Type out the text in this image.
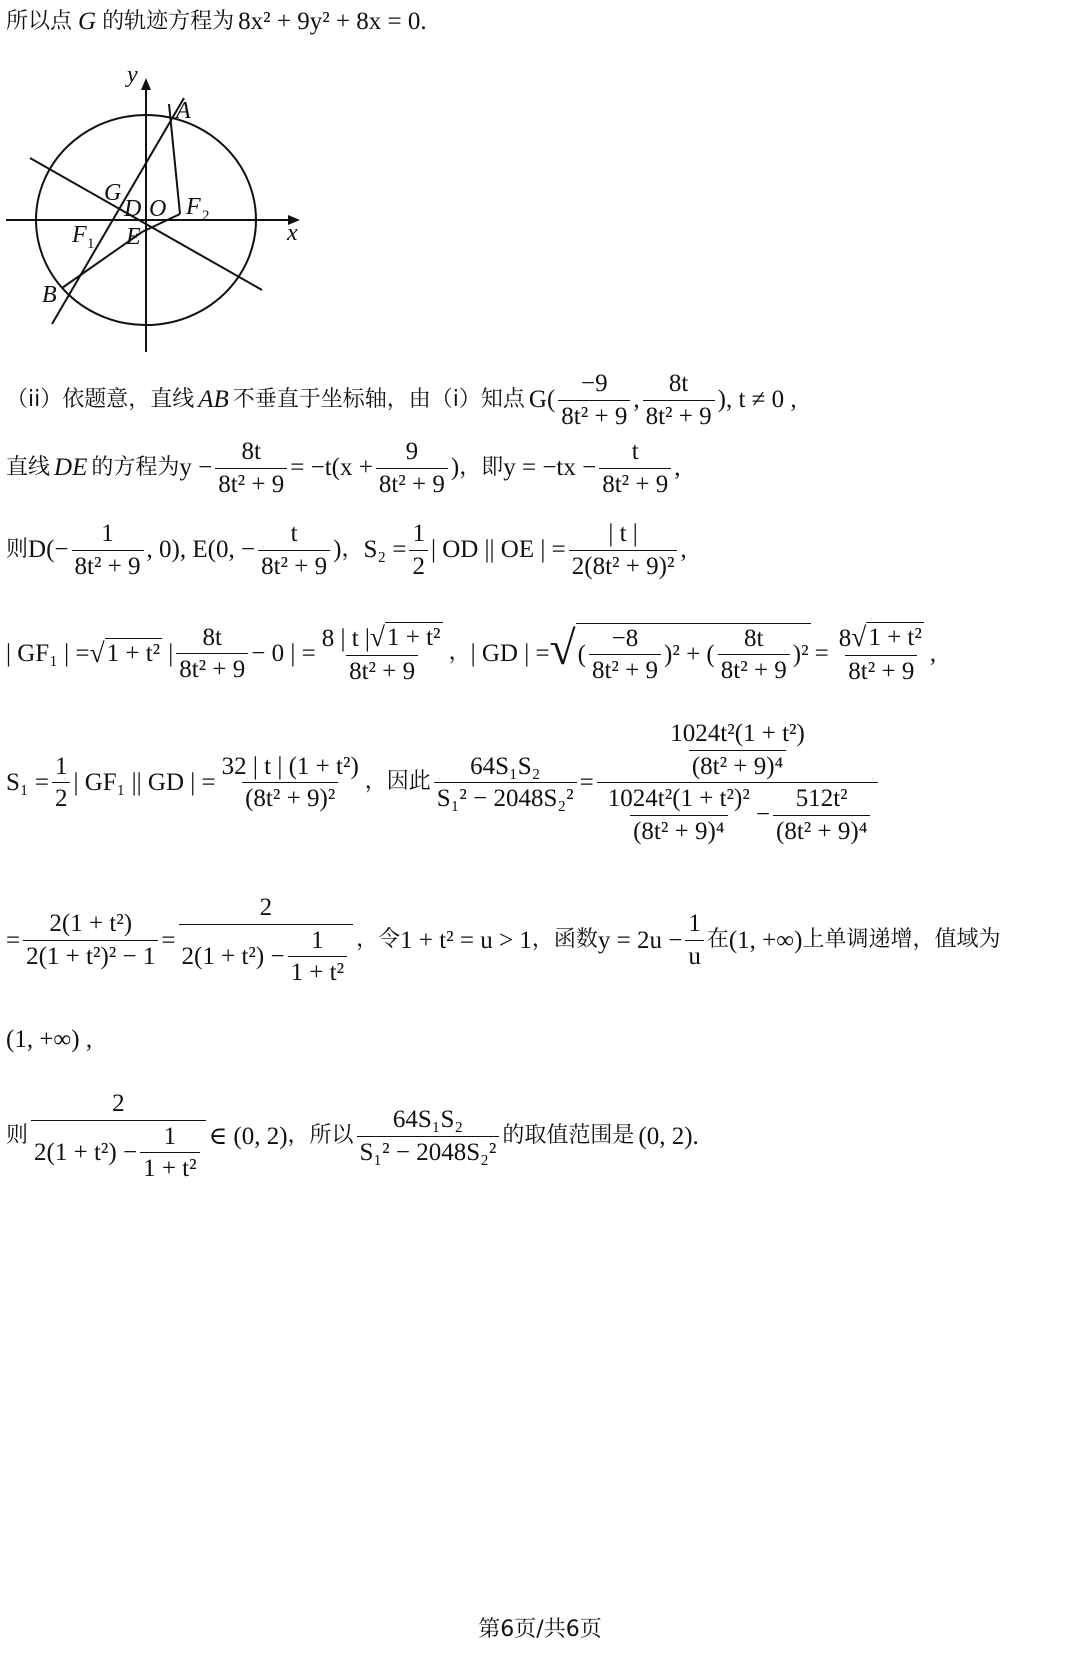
所以点 G 的轨迹方程为 8x² + 9y² + 8x = 0 .
y
x
A
B
G
D O
E
F 1
F 2
（ii）依题意，直线 AB 不垂直于坐标轴，由（i）知点 $G( \frac{-9}{\text{8t² + 9}}$ , $\frac{8t}{\text{8t² + 9}}$ ), t ≠ 0 ,
直线 DE 的方程为 $y - \frac{8t}{\text{8t² + 9}} = -t(x + \frac{9}{\text{8t² + 9}}$ ) ，即 $y = -tx - \frac{t}{\text{8t² + 9}}$ ,
则 $D(- \frac{1}{\text{8t² + 9}}$ , 0), E(0, − $\frac{t}{\text{8t² + 9}}$ ) ， $S_2 = \frac{1}{2}$ | OD || OE | = $\frac{| t |}{\text{2(8t² + 9)²}}$ ,
| GF₁ | = √ 1 + t² | $\frac{8t}{\text{8t² + 9}} - 0$ | = $\frac{\text{8 | t | √ 1 + t²}}{\text{8t² + 9}}$ ， | GD | = √ ( $\frac{-8}{\text{8t² + 9}} )^2$ + ( $\frac{8t}{\text{8t² + 9}} )^2 = \frac{\text{8 √ 1 + t²}}{\text{8t² + 9}}$ ,
$S_1 = \frac{1}{2}$ | GF₁ || GD | = $\frac{\text{32 | t | (1 + t²)}}{\text{(8t² + 9)²}}$ ，因此 $\frac{\text{64S₁S₂}}{\text{S₁² − 2048S₂²}} = \frac{\frac{\text{1024t²(1 + t²)}}{\text{(8t² + 9)⁴}}}{\frac{\text{1024t²(1 + t²)²}}{\text{(8t² + 9)⁴}} - \frac{\text{512t²}}{\text{(8t² + 9)⁴}}}$
= $\frac{\text{2(1 + t²)}}{\text{2(1 + t²)² − 1}} = \frac{2}{2(1 + t^2) - \frac{1}{\text{1 + t²}}}$ ，令 1 + t² = u > 1 ，函数 $y = 2u - \frac{1}{u}$ 在 (1, +∞) 上单调递增，值域为
(1, +∞) ,
则 $\frac{2}{2(1 + t^2) - \frac{1}{\text{1 + t²}}}$ ∈ (0, 2) ，所以 $\frac{\text{64S₁S₂}}{\text{S₁² − 2048S₂²}}$ 的取值范围是 (0, 2) .
第6页/共6页
